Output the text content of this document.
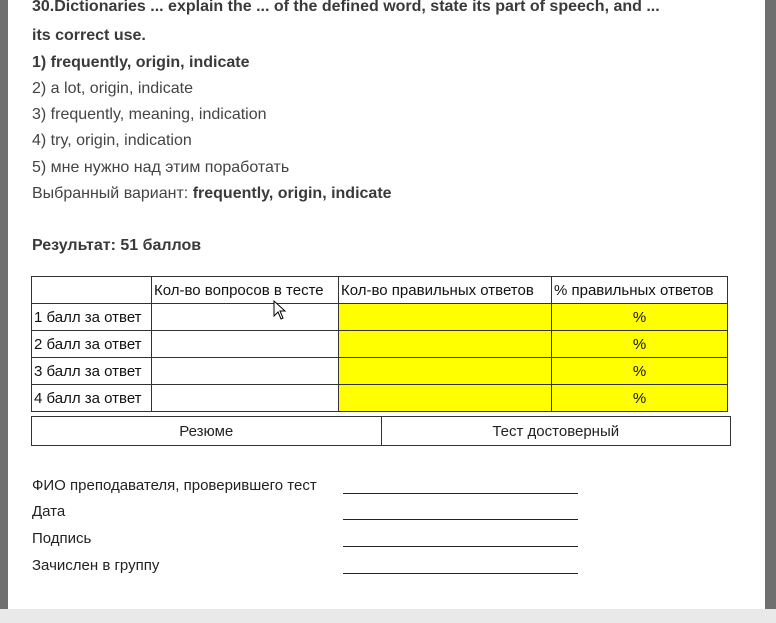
30.Dictionaries ... explain the ... of the defined word, state its part of speech, and ...
its correct use.
1) frequently, origin, indicate
2) a lot, origin, indicate
3) frequently, meaning, indication
4) try, origin, indication
5) мне нужно над этим поработать
Выбранный вариант: frequently, origin, indicate
Результат: 51 баллов
	Кол-во вопросов в тесте	Кол-во правильных ответов	% правильных ответов
1 балл за ответ			%
2 балл за ответ			%
3 балл за ответ			%
4 балл за ответ			%
Резюме	Тест достоверный
ФИО преподавателя, проверившего тест
Дата
Подпись
Зачислен в группу
